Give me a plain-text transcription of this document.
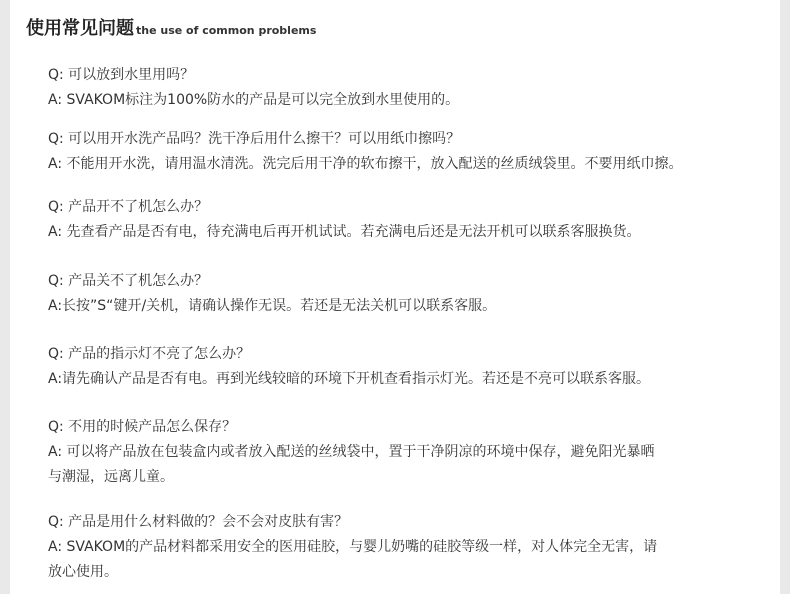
使用常见问题 the use of common problems
Q: 可以放到水里用吗？
A: SVAKOM标注为100%防水的产品是可以完全放到水里使用的。
Q: 可以用开水洗产品吗？洗干净后用什么擦干？可以用纸巾擦吗？
A: 不能用开水洗，请用温水清洗。洗完后用干净的软布擦干，放入配送的丝质绒袋里。不要用纸巾擦。
Q: 产品开不了机怎么办？
A: 先查看产品是否有电，待充满电后再开机试试。若充满电后还是无法开机可以联系客服换货。
Q: 产品关不了机怎么办？
A:长按”S“键开/关机，请确认操作无误。若还是无法关机可以联系客服。
Q: 产品的指示灯不亮了怎么办？
A:请先确认产品是否有电。再到光线较暗的环境下开机查看指示灯光。若还是不亮可以联系客服。
Q: 不用的时候产品怎么保存？
A: 可以将产品放在包装盒内或者放入配送的丝绒袋中，置于干净阴凉的环境中保存，避免阳光暴晒
与潮湿，远离儿童。
Q: 产品是用什么材料做的？会不会对皮肤有害？
A: SVAKOM的产品材料都采用安全的医用硅胶，与婴儿奶嘴的硅胶等级一样，对人体完全无害，请
放心使用。
